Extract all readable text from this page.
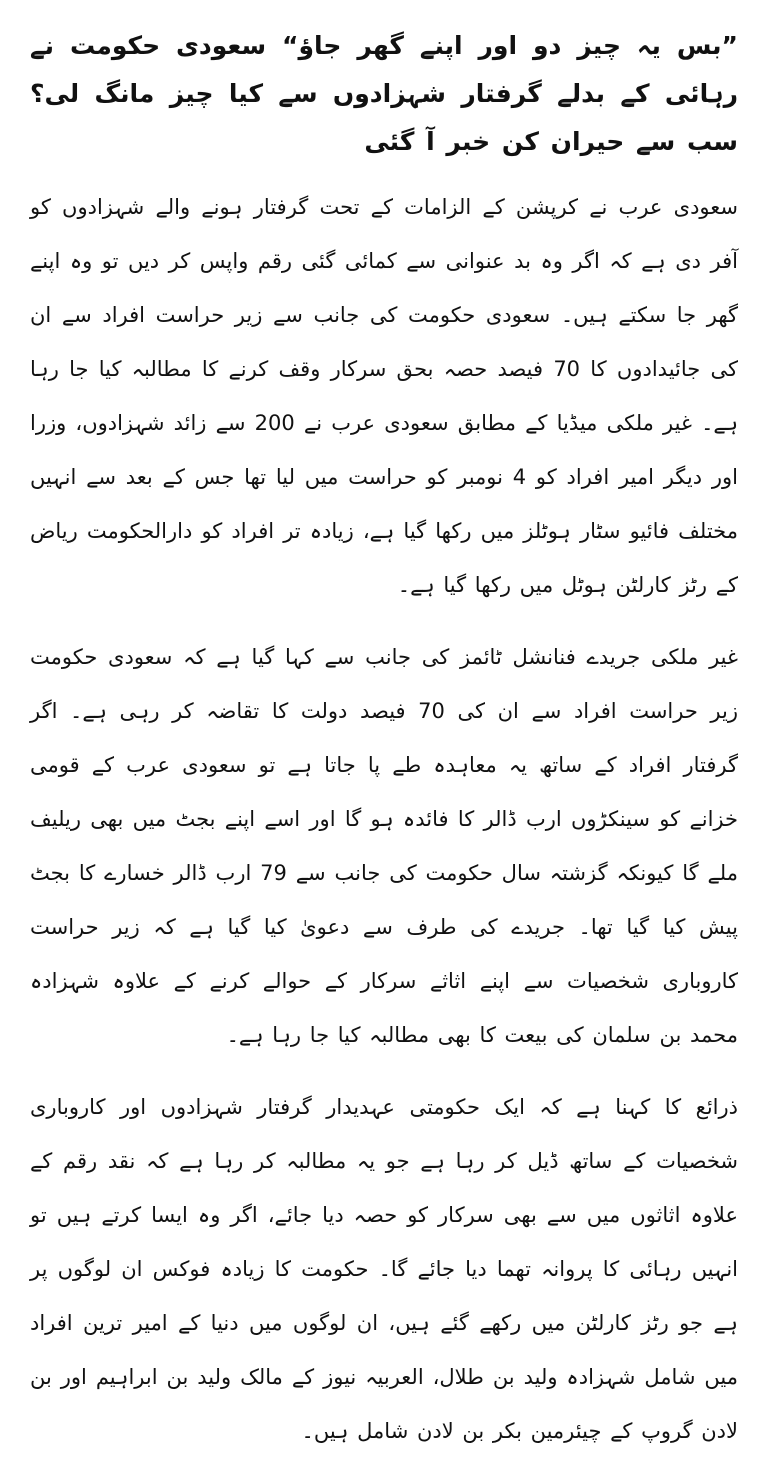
”بس یہ چیز دو اور اپنے گھر جاؤ“ سعودی حکومت نے رہائی کے بدلے گرفتار شہزادوں سے کیا چیز مانگ لی؟ سب سے حیران کن خبر آ گئی

سعودی عرب نے کرپشن کے الزامات کے تحت گرفتار ہونے والے شہزادوں کو آفر دی ہے کہ اگر وہ بد عنوانی سے کمائی گئی رقم واپس کر دیں تو وہ اپنے گھر جا سکتے ہیں۔ سعودی حکومت کی جانب سے زیر حراست افراد سے ان کی جائیدادوں کا 70 فیصد حصہ بحق سرکار وقف کرنے کا مطالبہ کیا جا رہا ہے۔ غیر ملکی میڈیا کے مطابق سعودی عرب نے 200 سے زائد شہزادوں، وزرا اور دیگر امیر افراد کو 4 نومبر کو حراست میں لیا تھا جس کے بعد سے انہیں مختلف فائیو سٹار ہوٹلز میں رکھا گیا ہے، زیادہ تر افراد کو دارالحکومت ریاض کے رٹز کارلٹن ہوٹل میں رکھا گیا ہے۔

غیر ملکی جریدے فنانشل ٹائمز کی جانب سے کہا گیا ہے کہ سعودی حکومت زیر حراست افراد سے ان کی 70 فیصد دولت کا تقاضہ کر رہی ہے۔ اگر گرفتار افراد کے ساتھ یہ معاہدہ طے پا جاتا ہے تو سعودی عرب کے قومی خزانے کو سینکڑوں ارب ڈالر کا فائدہ ہو گا اور اسے اپنے بجٹ میں بھی ریلیف ملے گا کیونکہ گزشتہ سال حکومت کی جانب سے 79 ارب ڈالر خسارے کا بجٹ پیش کیا گیا تھا۔ جریدے کی طرف سے دعویٰ کیا گیا ہے کہ زیر حراست کاروباری شخصیات سے اپنے اثاثے سرکار کے حوالے کرنے کے علاوہ شہزادہ محمد بن سلمان کی بیعت کا بھی مطالبہ کیا جا رہا ہے۔

ذرائع کا کہنا ہے کہ ایک حکومتی عہدیدار گرفتار شہزادوں اور کاروباری شخصیات کے ساتھ ڈیل کر رہا ہے جو یہ مطالبہ کر رہا ہے کہ نقد رقم کے علاوہ اثاثوں میں سے بھی سرکار کو حصہ دیا جائے، اگر وہ ایسا کرتے ہیں تو انہیں رہائی کا پروانہ تھما دیا جائے گا۔ حکومت کا زیادہ فوکس ان لوگوں پر ہے جو رٹز کارلٹن میں رکھے گئے ہیں، ان لوگوں میں دنیا کے امیر ترین افراد میں شامل شہزادہ ولید بن طلال، العربیہ نیوز کے مالک ولید بن ابراہیم اور بن لادن گروپ کے چیئرمین بکر بن لادن شامل ہیں۔
